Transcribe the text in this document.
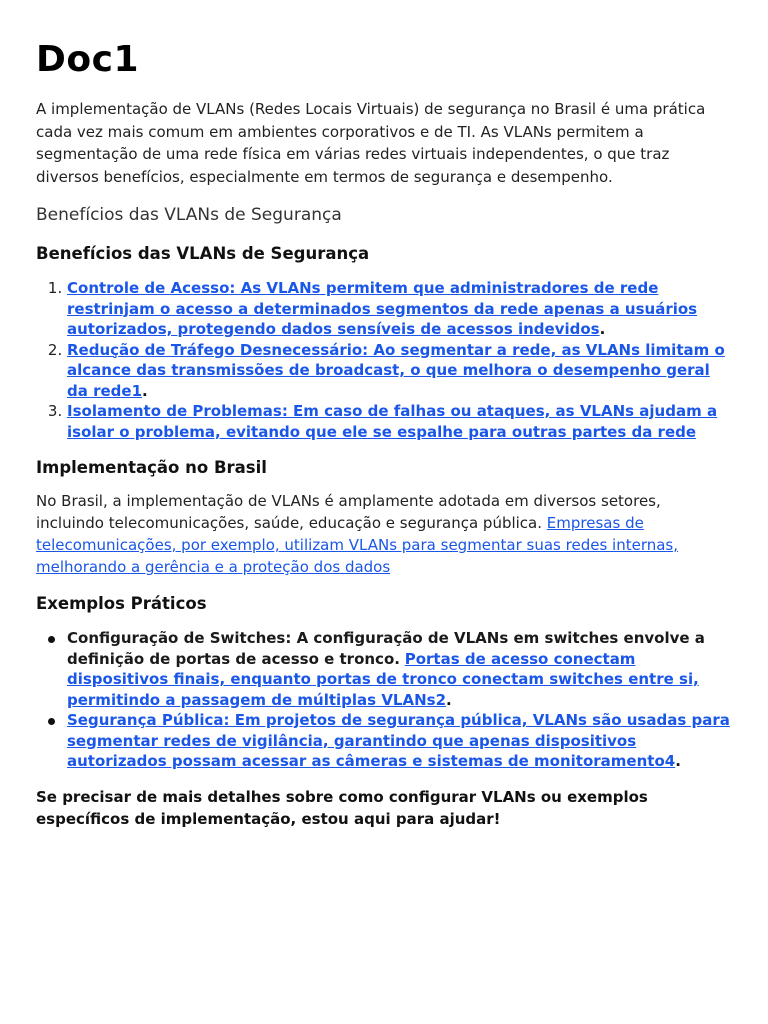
Doc1

A implementação de VLANs (Redes Locais Virtuais) de segurança no Brasil é uma prática cada vez mais comum em ambientes corporativos e de TI. As VLANs permitem a segmentação de uma rede física em várias redes virtuais independentes, o que traz diversos benefícios, especialmente em termos de segurança e desempenho.

Benefícios das VLANs de Segurança
Benefícios das VLANs de Segurança
1. Controle de Acesso: As VLANs permitem que administradores de rede restrinjam o acesso a determinados segmentos da rede apenas a usuários autorizados, protegendo dados sensíveis de acessos indevidos.
2. Redução de Tráfego Desnecessário: Ao segmentar a rede, as VLANs limitam o alcance das transmissões de broadcast, o que melhora o desempenho geral da rede1.
3. Isolamento de Problemas: Em caso de falhas ou ataques, as VLANs ajudam a isolar o problema, evitando que ele se espalhe para outras partes da rede
Implementação no Brasil

No Brasil, a implementação de VLANs é amplamente adotada em diversos setores, incluindo telecomunicações, saúde, educação e segurança pública. Empresas de telecomunicações, por exemplo, utilizam VLANs para segmentar suas redes internas, melhorando a gerência e a proteção dos dados

Exemplos Práticos
Configuração de Switches: A configuração de VLANs em switches envolve a definição de portas de acesso e tronco. Portas de acesso conectam dispositivos finais, enquanto portas de tronco conectam switches entre si, permitindo a passagem de múltiplas VLANs2.
Segurança Pública: Em projetos de segurança pública, VLANs são usadas para segmentar redes de vigilância, garantindo que apenas dispositivos autorizados possam acessar as câmeras e sistemas de monitoramento4.

Se precisar de mais detalhes sobre como configurar VLANs ou exemplos específicos de implementação, estou aqui para ajudar!
